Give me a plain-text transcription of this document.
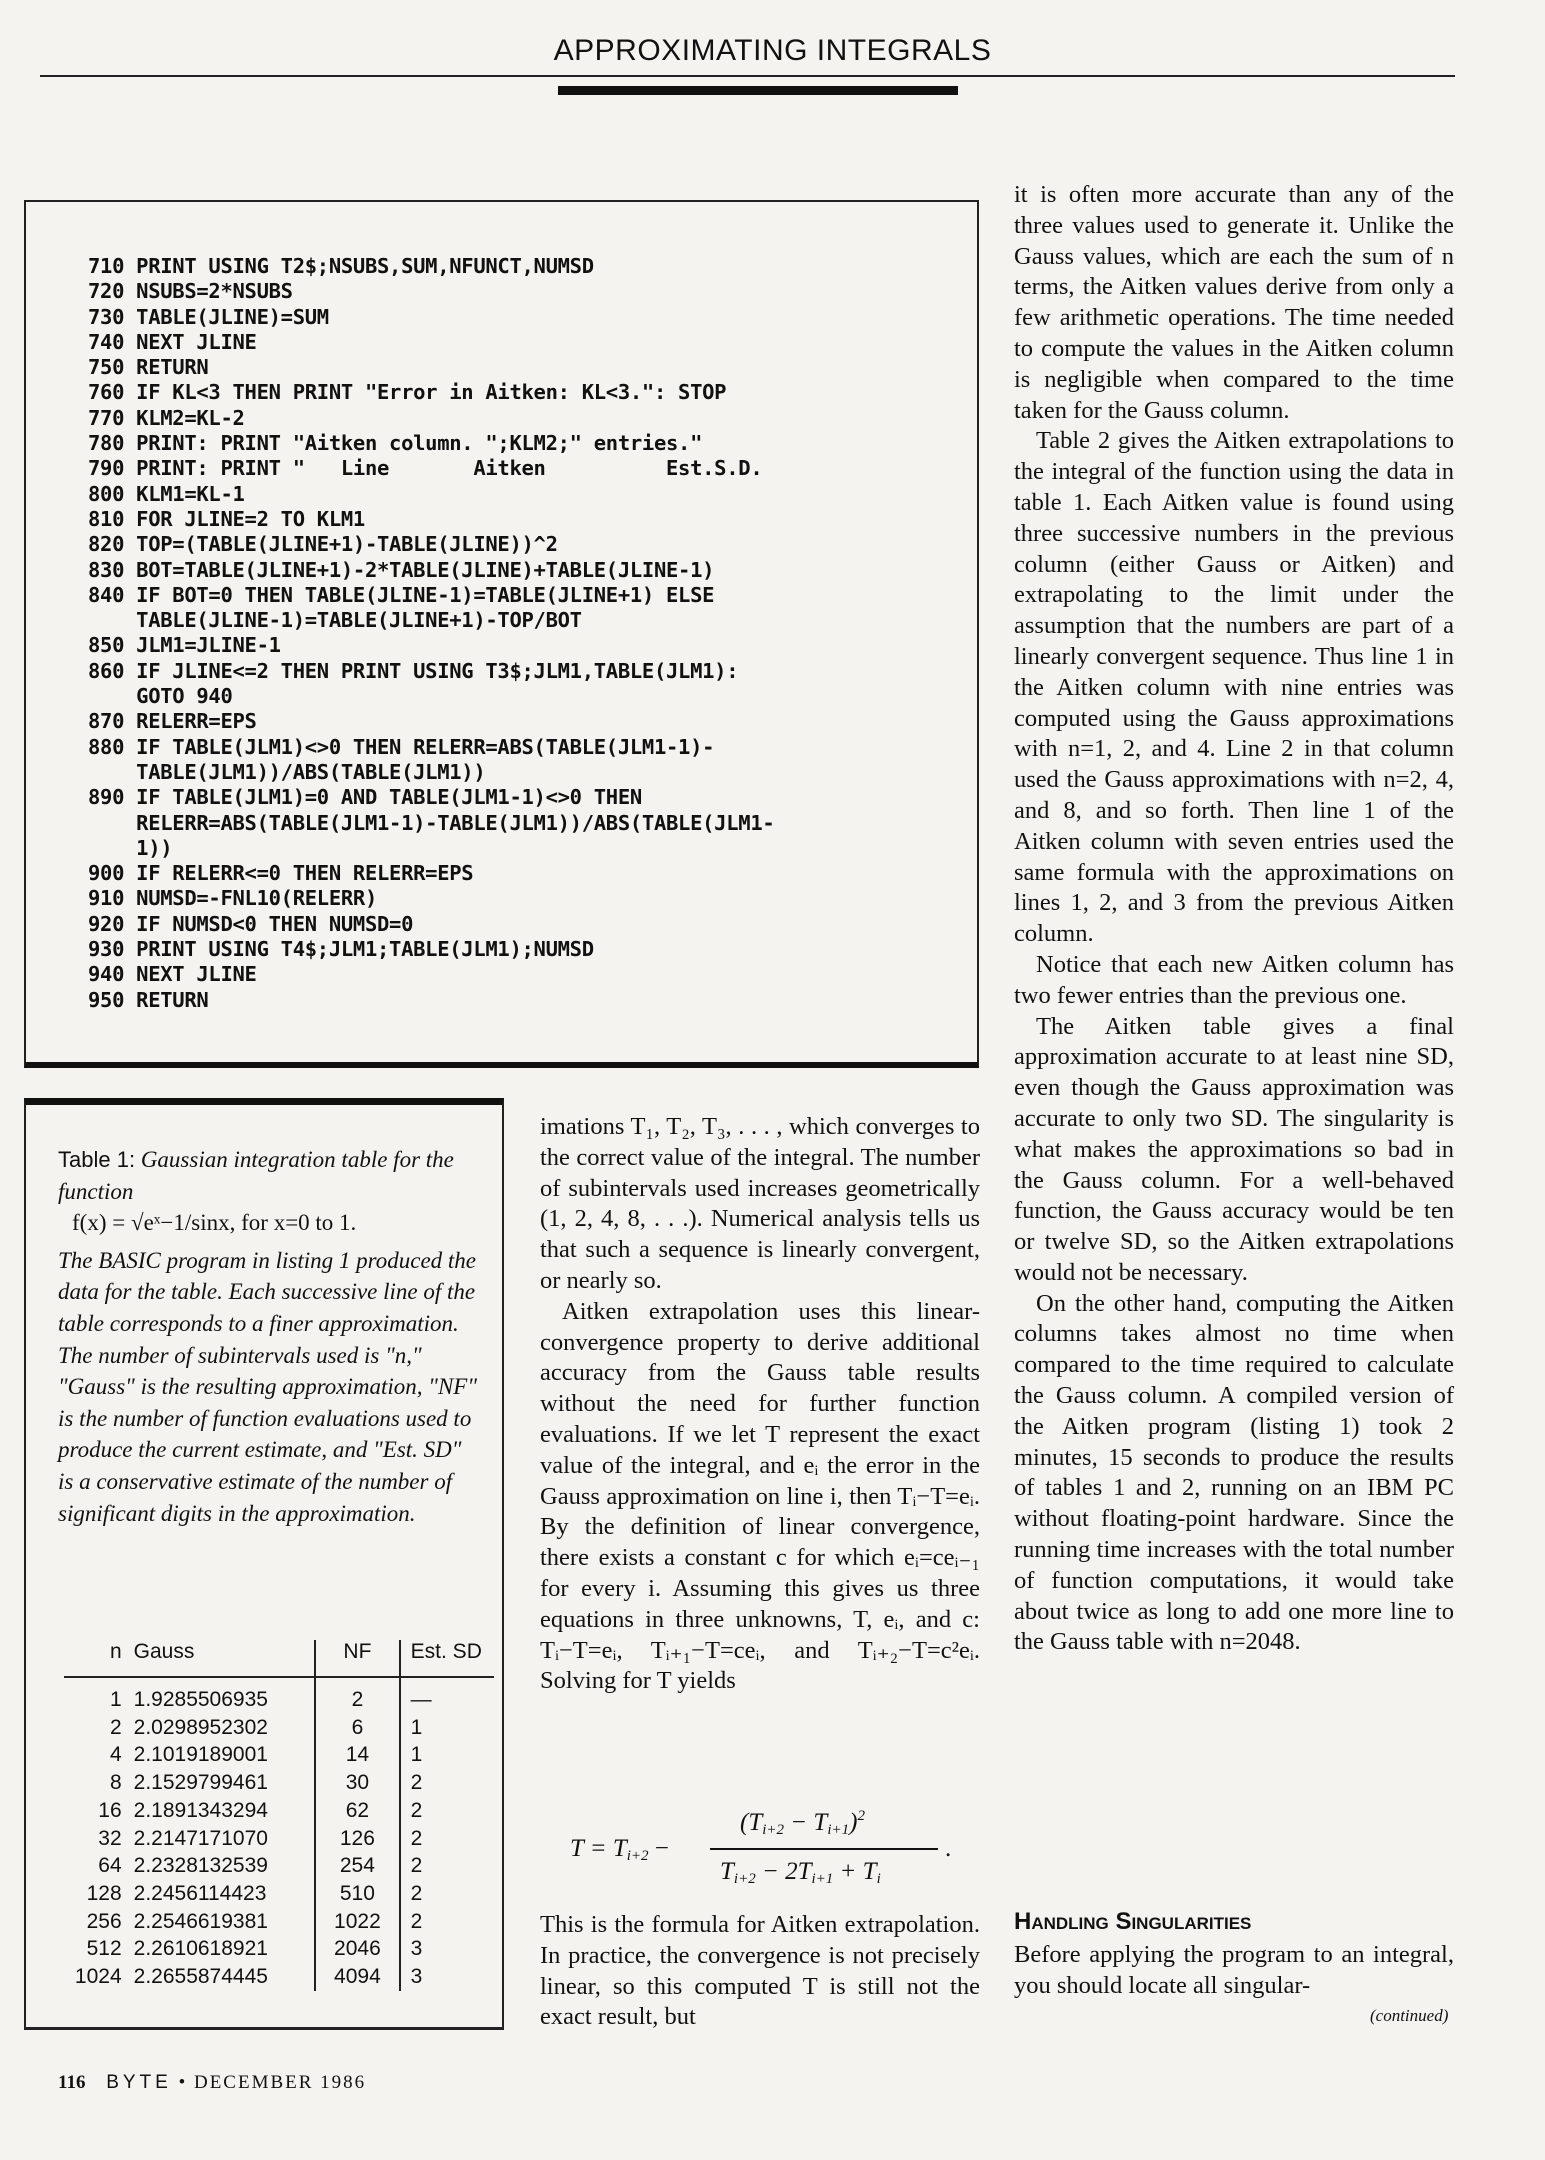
APPROXIMATING INTEGRALS
710 PRINT USING T2$;NSUBS,SUM,NFUNCT,NUMSD
720 NSUBS=2*NSUBS
730 TABLE(JLINE)=SUM
740 NEXT JLINE
750 RETURN
760 IF KL<3 THEN PRINT "Error in Aitken: KL<3.": STOP
770 KLM2=KL-2
780 PRINT: PRINT "Aitken column. ";KLM2;" entries."
790 PRINT: PRINT "   Line       Aitken          Est.S.D.
800 KLM1=KL-1
810 FOR JLINE=2 TO KLM1
820 TOP=(TABLE(JLINE+1)-TABLE(JLINE))^2
830 BOT=TABLE(JLINE+1)-2*TABLE(JLINE)+TABLE(JLINE-1)
840 IF BOT=0 THEN TABLE(JLINE-1)=TABLE(JLINE+1) ELSE
TABLE(JLINE-1)=TABLE(JLINE+1)-TOP/BOT
850 JLM1=JLINE-1
860 IF JLINE<=2 THEN PRINT USING T3$;JLM1,TABLE(JLM1):
GOTO 940
870 RELERR=EPS
880 IF TABLE(JLM1)<>0 THEN RELERR=ABS(TABLE(JLM1-1)-
TABLE(JLM1))/ABS(TABLE(JLM1))
890 IF TABLE(JLM1)=0 AND TABLE(JLM1-1)<>0 THEN
RELERR=ABS(TABLE(JLM1-1)-TABLE(JLM1))/ABS(TABLE(JLM1-
1))
900 IF RELERR<=0 THEN RELERR=EPS
910 NUMSD=-FNL10(RELERR)
920 IF NUMSD<0 THEN NUMSD=0
930 PRINT USING T4$;JLM1;TABLE(JLM1);NUMSD
940 NEXT JLINE
950 RETURN
Table 1: Gaussian integration table for the function
f(x) = √eˣ−1/sinx, for x=0 to 1.
The BASIC program in listing 1 produced the data for the table. Each successive line of the table corresponds to a finer approximation. The number of subintervals used is "n," "Gauss" is the resulting approximation, "NF" is the number of function evaluations used to produce the current estimate, and "Est. SD" is a conservative estimate of the number of significant digits in the approximation.
n	Gauss	NF	Est. SD
1	1.9285506935	2	—
2	2.0298952302	6	1
4	2.1019189001	14	1
8	2.1529799461	30	2
16	2.1891343294	62	2
32	2.2147171070	126	2
64	2.2328132539	254	2
128	2.2456114423	510	2
256	2.2546619381	1022	2
512	2.2610618921	2046	3
1024	2.2655874445	4094	3

imations T₁, T₂, T₃, . . . , which converges to the correct value of the integral. The number of subintervals used increases geometrically (1, 2, 4, 8, . . .). Numerical analysis tells us that such a sequence is linearly convergent, or nearly so.

Aitken extrapolation uses this linear-convergence property to derive additional accuracy from the Gauss table results without the need for further function evaluations. If we let T represent the exact value of the integral, and eᵢ the error in the Gauss approximation on line i, then Tᵢ−T=eᵢ. By the definition of linear convergence, there exists a constant c for which eᵢ=ceᵢ₋₁ for every i. Assuming this gives us three equations in three unknowns, T, eᵢ, and c: Tᵢ−T=eᵢ, Tᵢ₊₁−T=ceᵢ, and Tᵢ₊₂−T=c²eᵢ. Solving for T yields

$T = T_{i+2}$ −
$(T_{i+2} - T_{i+1})^2$
$T_{i+2} - 2T_{i+1} + T_i$
.

This is the formula for Aitken extrapolation. In practice, the convergence is not precisely linear, so this computed T is still not the exact result, but

it is often more accurate than any of the three values used to generate it. Unlike the Gauss values, which are each the sum of n terms, the Aitken values derive from only a few arithmetic operations. The time needed to compute the values in the Aitken column is negligible when compared to the time taken for the Gauss column.

Table 2 gives the Aitken extrapolations to the integral of the function using the data in table 1. Each Aitken value is found using three successive numbers in the previous column (either Gauss or Aitken) and extrapolating to the limit under the assumption that the numbers are part of a linearly convergent sequence. Thus line 1 in the Aitken column with nine entries was computed using the Gauss approximations with n=1, 2, and 4. Line 2 in that column used the Gauss approximations with n=2, 4, and 8, and so forth. Then line 1 of the Aitken column with seven entries used the same formula with the approximations on lines 1, 2, and 3 from the previous Aitken column.

Notice that each new Aitken column has two fewer entries than the previous one.

The Aitken table gives a final approximation accurate to at least nine SD, even though the Gauss approximation was accurate to only two SD. The singularity is what makes the approximations so bad in the Gauss column. For a well-behaved function, the Gauss accuracy would be ten or twelve SD, so the Aitken extrapolations would not be necessary.

On the other hand, computing the Aitken columns takes almost no time when compared to the time required to calculate the Gauss column. A compiled version of the Aitken program (listing 1) took 2 minutes, 15 seconds to produce the results of tables 1 and 2, running on an IBM PC without floating-point hardware. Since the running time increases with the total number of function computations, it would take about twice as long to add one more line to the Gauss table with n=2048.

Handling Singularities

Before applying the program to an integral, you should locate all singular-

(continued)
116 BYTE • DECEMBER 1986
